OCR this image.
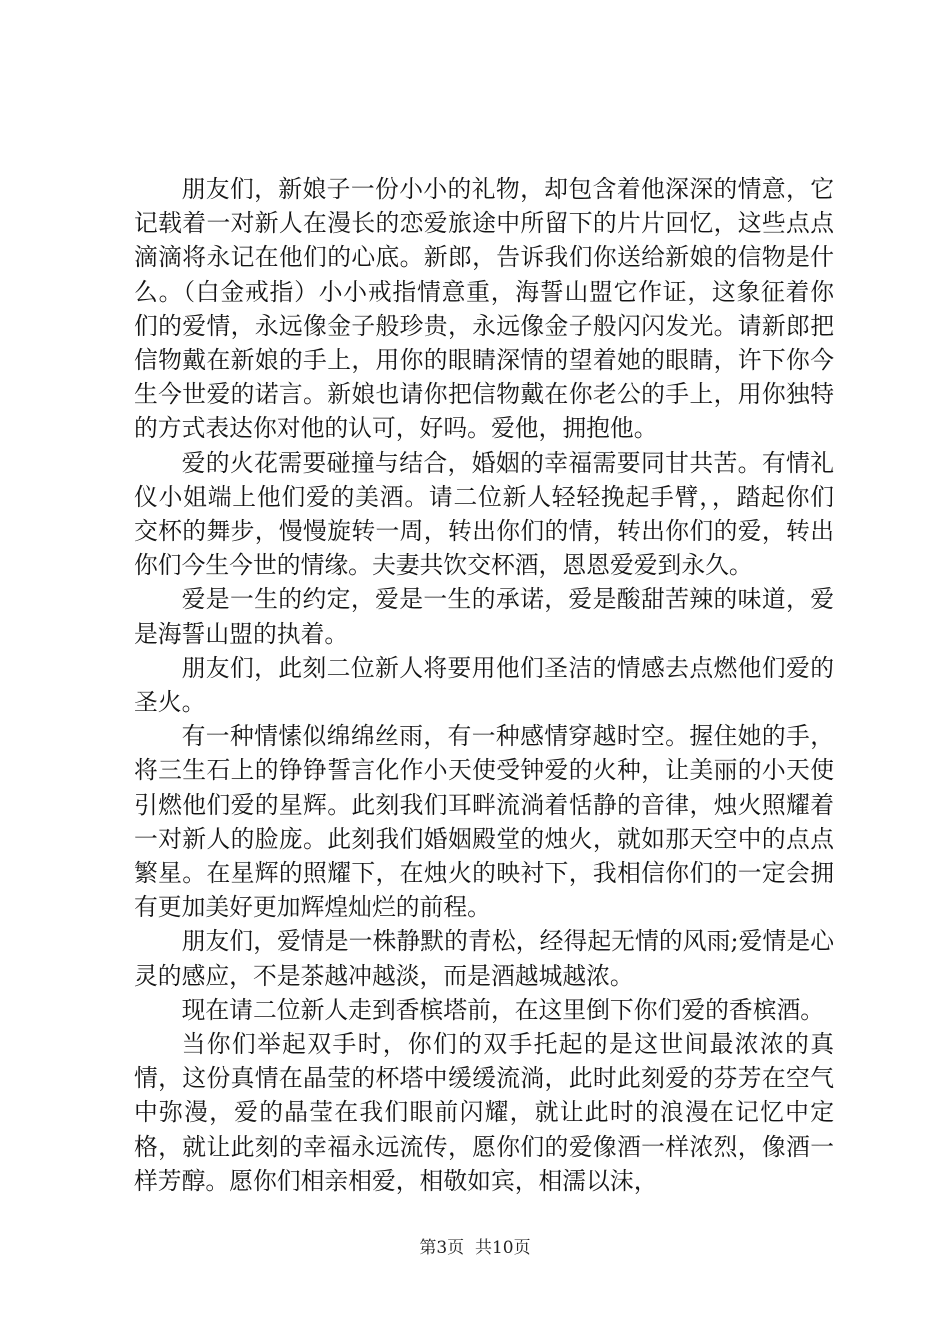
朋友们，新娘子一份小小的礼物，却包含着他深深的情意，它记载着一对新人在漫长的恋爱旅途中所留下的片片回忆，这些点点滴滴将永记在他们的心底。新郎，告诉我们你送给新娘的信物是什么。（白金戒指）小小戒指情意重，海誓山盟它作证，这象征着你们的爱情，永远像金子般珍贵，永远像金子般闪闪发光。请新郎把信物戴在新娘的手上，用你的眼睛深情的望着她的眼睛，许下你今生今世爱的诺言。新娘也请你把信物戴在你老公的手上，用你独特的方式表达你对他的认可，好吗。爱他，拥抱他。

爱的火花需要碰撞与结合，婚姻的幸福需要同甘共苦。有情礼仪小姐端上他们爱的美酒。请二位新人轻轻挽起手臂，，踏起你们交杯的舞步，慢慢旋转一周，转出你们的情，转出你们的爱，转出你们今生今世的情缘。夫妻共饮交杯酒，恩恩爱爱到永久。

爱是一生的约定，爱是一生的承诺，爱是酸甜苦辣的味道，爱是海誓山盟的执着。

朋友们，此刻二位新人将要用他们圣洁的情感去点燃他们爱的圣火。

有一种情愫似绵绵丝雨，有一种感情穿越时空。握住她的手，将三生石上的铮铮誓言化作小天使受钟爱的火种，让美丽的小天使引燃他们爱的星辉。此刻我们耳畔流淌着恬静的音律，烛火照耀着一对新人的脸庞。此刻我们婚姻殿堂的烛火，就如那天空中的点点繁星。在星辉的照耀下，在烛火的映衬下，我相信你们的一定会拥有更加美好更加辉煌灿烂的前程。

朋友们，爱情是一株静默的青松，经得起无情的风雨;爱情是心灵的感应，不是茶越冲越淡，而是酒越城越浓。

现在请二位新人走到香槟塔前，在这里倒下你们爱的香槟酒。

当你们举起双手时，你们的双手托起的是这世间最浓浓的真情，这份真情在晶莹的杯塔中缓缓流淌，此时此刻爱的芬芳在空气中弥漫，爱的晶莹在我们眼前闪耀，就让此时的浪漫在记忆中定格，就让此刻的幸福永远流传，愿你们的爱像酒一样浓烈，像酒一样芳醇。愿你们相亲相爱，相敬如宾，相濡以沫，

第3页  共10页
